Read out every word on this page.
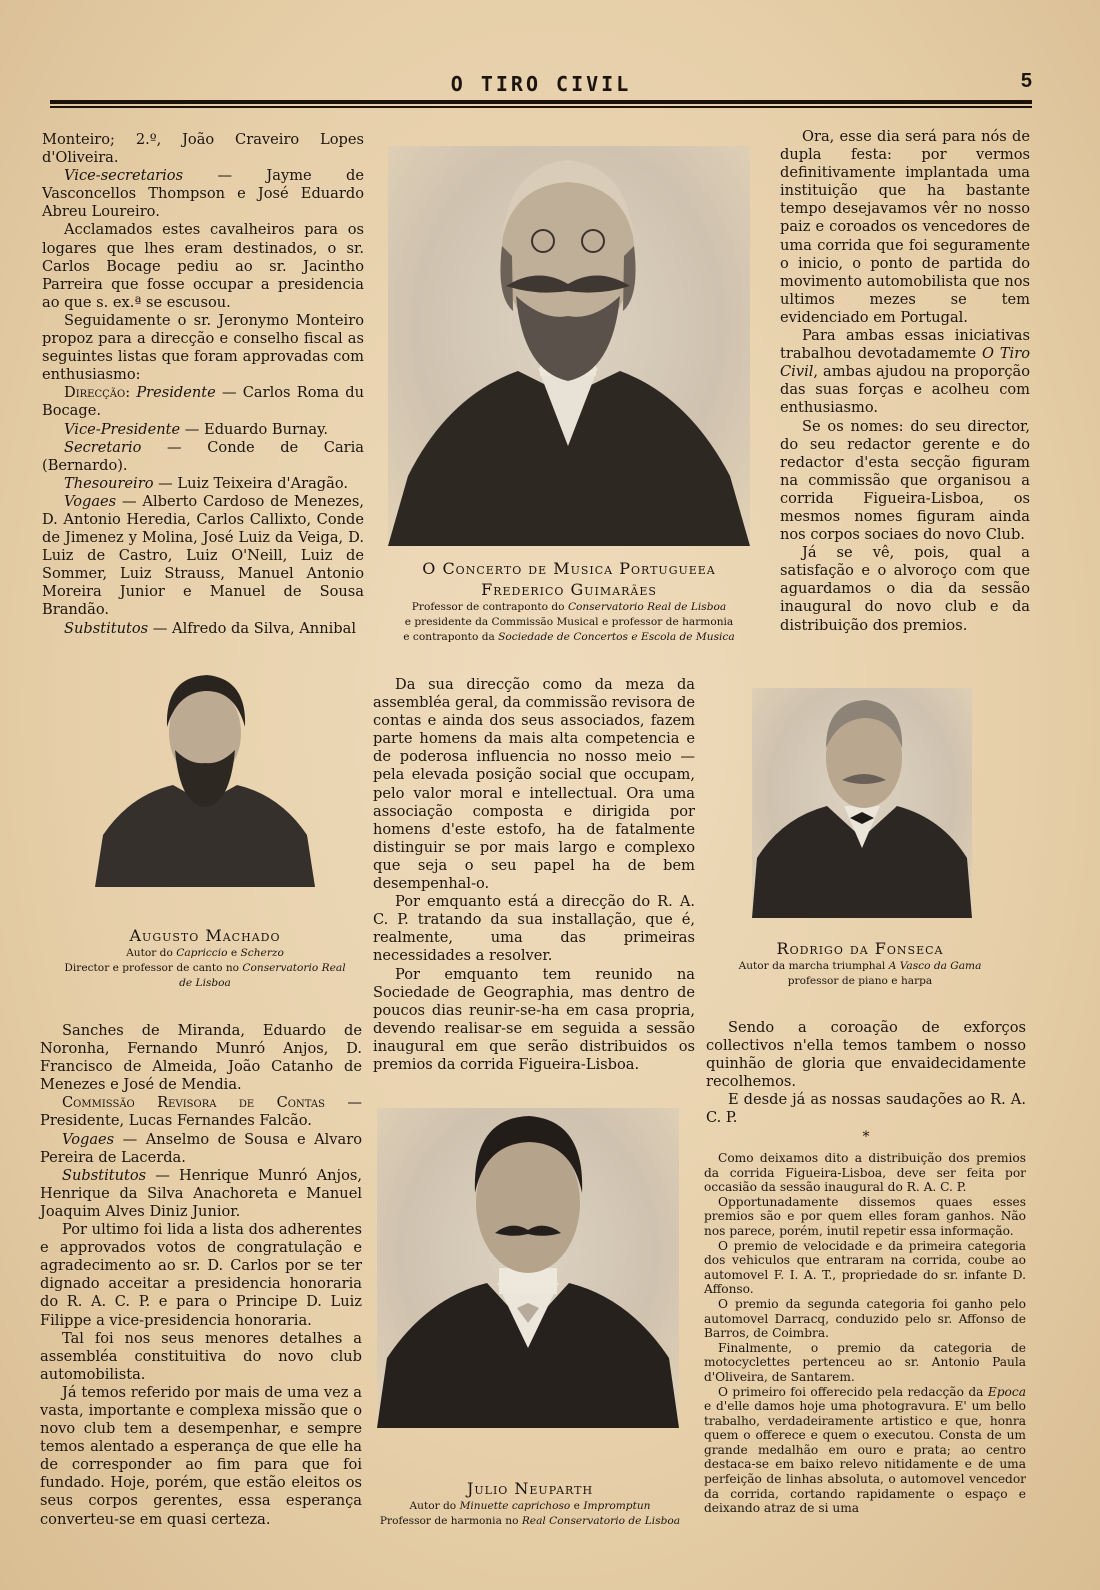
O TIRO CIVIL	5

Monteiro; 2.º, João Craveiro Lopes d'Oliveira.

Vice-secretarios — Jayme de Vasconcellos Thompson e José Eduardo Abreu Loureiro.

Acclamados estes cavalheiros para os logares que lhes eram destinados, o sr. Carlos Bocage pediu ao sr. Jacintho Parreira que fosse occupar a presidencia ao que s. ex.ª se escusou.

Seguidamente o sr. Jeronymo Monteiro propoz para a direcção e conselho fiscal as seguintes listas que foram approvadas com enthusiasmo:

Direcção: Presidente — Carlos Roma du Bocage.

Vice-Presidente — Eduardo Burnay.

Secretario — Conde de Caria (Bernardo).

Thesoureiro — Luiz Teixeira d'Aragão.

Vogaes — Alberto Cardoso de Menezes, D. Antonio Heredia, Carlos Callixto, Conde de Jimenez y Molina, José Luiz da Veiga, D. Luiz de Castro, Luiz O'Neill, Luiz de Sommer, Luiz Strauss, Manuel Antonio Moreira Junior e Manuel de Sousa Brandão.

Substitutos — Alfredo da Silva, Annibal

O Concerto de Musica Portugueea
Frederico Guimarães
Professor de contraponto do Conservatorio Real de Lisboa
e presidente da Commissão Musical e professor de harmonia
e contraponto da Sociedade de Concertos e Escola de Musica

Ora, esse dia será para nós de dupla festa: por vermos definitivamente implantada uma instituição que ha bastante tempo desejavamos vêr no nosso paiz e coroados os vencedores de uma corrida que foi seguramente o inicio, o ponto de partida do movimento automobilista que nos ultimos mezes se tem evidenciado em Portugal.

Para ambas essas iniciativas trabalhou devotadamemte O Tiro Civil, ambas ajudou na proporção das suas forças e acolheu com enthusiasmo.

Se os nomes: do seu director, do seu redactor gerente e do redactor d'esta secção figuram na commissão que organisou a corrida Figueira-Lisboa, os mesmos nomes figuram ainda nos corpos sociaes do novo Club.

Já se vê, pois, qual a satisfação e o alvoroço com que aguardamos o dia da sessão inaugural do novo club e da distribuição dos premios.

Augusto Machado
Autor do Capriccio e Scherzo
Director e professor de canto no Conservatorio Real
de Lisboa

Da sua direcção como da meza da assembléa geral, da commissão revisora de contas e ainda dos seus associados, fazem parte homens da mais alta competencia e de poderosa influencia no nosso meio — pela elevada posição social que occupam, pelo valor moral e intellectual. Ora uma associação composta e dirigida por homens d'este estofo, ha de fatalmente distinguir se por mais largo e complexo que seja o seu papel ha de bem desempenhal-o.

Por emquanto está a direcção do R. A. C. P. tratando da sua installação, que é, realmente, uma das primeiras necessidades a resolver.

Por emquanto tem reunido na Sociedade de Geographia, mas dentro de poucos dias reunir-se-ha em casa propria, devendo realisar-se em seguida a sessão inaugural em que serão distribuidos os premios da corrida Figueira-Lisboa.

Rodrigo da Fonseca
Autor da marcha triumphal A Vasco da Gama
professor de piano e harpa

Sanches de Miranda, Eduardo de Noronha, Fernando Munró Anjos, D. Francisco de Almeida, João Catanho de Menezes e José de Mendia.

Commissão Revisora de Contas — Presidente, Lucas Fernandes Falcão.

Vogaes — Anselmo de Sousa e Alvaro Pereira de Lacerda.

Substitutos — Henrique Munró Anjos, Henrique da Silva Anachoreta e Manuel Joaquim Alves Diniz Junior.

Por ultimo foi lida a lista dos adherentes e approvados votos de congratulação e agradecimento ao sr. D. Carlos por se ter dignado acceitar a presidencia honoraria do R. A. C. P. e para o Principe D. Luiz Filippe a vice-presidencia honoraria.

Tal foi nos seus menores detalhes a assembléa constituitiva do novo club automobilista.

Já temos referido por mais de uma vez a vasta, importante e complexa missão que o novo club tem a desempenhar, e sempre temos alentado a esperança de que elle ha de corresponder ao fim para que foi fundado. Hoje, porém, que estão eleitos os seus corpos gerentes, essa esperança converteu-se em quasi certeza.

Sendo a coroação de exforços collectivos n'ella temos tambem o nosso quinhão de gloria que envaidecidamente recolhemos.

E desde já as nossas saudações ao R. A. C. P.

*

Como deixamos dito a distribuição dos premios da corrida Figueira-Lisboa, deve ser feita por occasião da sessão inaugural do R. A. C. P.

Opportunadamente dissemos quaes esses premios são e por quem elles foram ganhos. Não nos parece, porém, inutil repetir essa informação.

O premio de velocidade e da primeira categoria dos vehiculos que entraram na corrida, coube ao automovel F. I. A. T., propriedade do sr. infante D. Affonso.

O premio da segunda categoria foi ganho pelo automovel Darracq, conduzido pelo sr. Affonso de Barros, de Coimbra.

Finalmente, o premio da categoria de motocyclettes pertenceu ao sr. Antonio Paula d'Oliveira, de Santarem.

O primeiro foi offerecido pela redacção da Epoca e d'elle damos hoje uma photogravura. E' um bello trabalho, verdadeiramente artistico e que, honra quem o offerece e quem o executou. Consta de um grande medalhão em ouro e prata; ao centro destaca-se em baixo relevo nitidamente e de uma perfeição de linhas absoluta, o automovel vencedor da corrida, cortando rapidamente o espaço e deixando atraz de si uma

Julio Neuparth
Autor do Minuette caprichoso e Impromptun
Professor de harmonia no Real Conservatorio de Lisboa
